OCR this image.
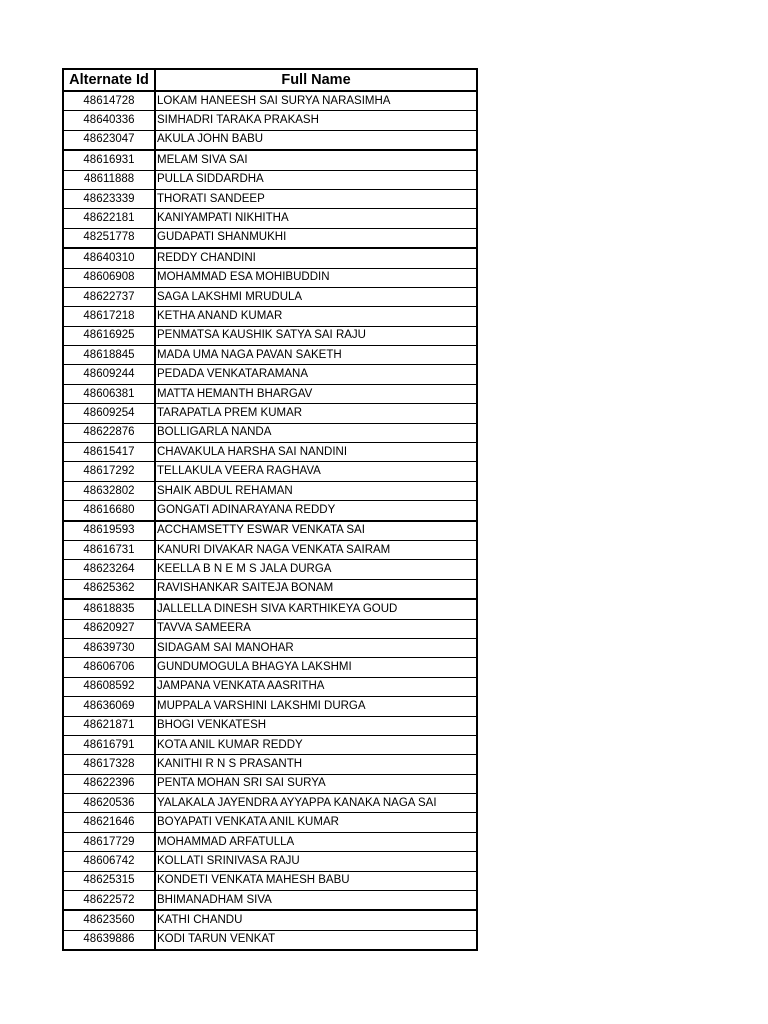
Alternate Id	Full Name
48614728	LOKAM HANEESH SAI SURYA NARASIMHA
48640336	SIMHADRI TARAKA PRAKASH
48623047	AKULA JOHN BABU
48616931	MELAM SIVA SAI
48611888	PULLA SIDDARDHA
48623339	THORATI SANDEEP
48622181	KANIYAMPATI NIKHITHA
48251778	GUDAPATI SHANMUKHI
48640310	REDDY CHANDINI
48606908	MOHAMMAD ESA MOHIBUDDIN
48622737	SAGA LAKSHMI MRUDULA
48617218	KETHA ANAND KUMAR
48616925	PENMATSA KAUSHIK SATYA SAI RAJU
48618845	MADA UMA NAGA PAVAN SAKETH
48609244	PEDADA VENKATARAMANA
48606381	MATTA HEMANTH BHARGAV
48609254	TARAPATLA PREM KUMAR
48622876	BOLLIGARLA NANDA
48615417	CHAVAKULA HARSHA SAI NANDINI
48617292	TELLAKULA VEERA RAGHAVA
48632802	SHAIK ABDUL REHAMAN
48616680	GONGATI ADINARAYANA REDDY
48619593	ACCHAMSETTY ESWAR VENKATA SAI
48616731	KANURI DIVAKAR NAGA VENKATA SAIRAM
48623264	KEELLA B N E M S JALA DURGA
48625362	RAVISHANKAR SAITEJA BONAM
48618835	JALLELLA DINESH SIVA KARTHIKEYA GOUD
48620927	TAVVA SAMEERA
48639730	SIDAGAM SAI MANOHAR
48606706	GUNDUMOGULA BHAGYA LAKSHMI
48608592	JAMPANA VENKATA AASRITHA
48636069	MUPPALA VARSHINI LAKSHMI DURGA
48621871	BHOGI VENKATESH
48616791	KOTA ANIL KUMAR REDDY
48617328	KANITHI R N S PRASANTH
48622396	PENTA MOHAN SRI SAI SURYA
48620536	YALAKALA JAYENDRA AYYAPPA KANAKA NAGA SAI
48621646	BOYAPATI VENKATA ANIL KUMAR
48617729	MOHAMMAD ARFATULLA
48606742	KOLLATI SRINIVASA RAJU
48625315	KONDETI VENKATA MAHESH BABU
48622572	BHIMANADHAM SIVA
48623560	KATHI CHANDU
48639886	KODI TARUN VENKAT
